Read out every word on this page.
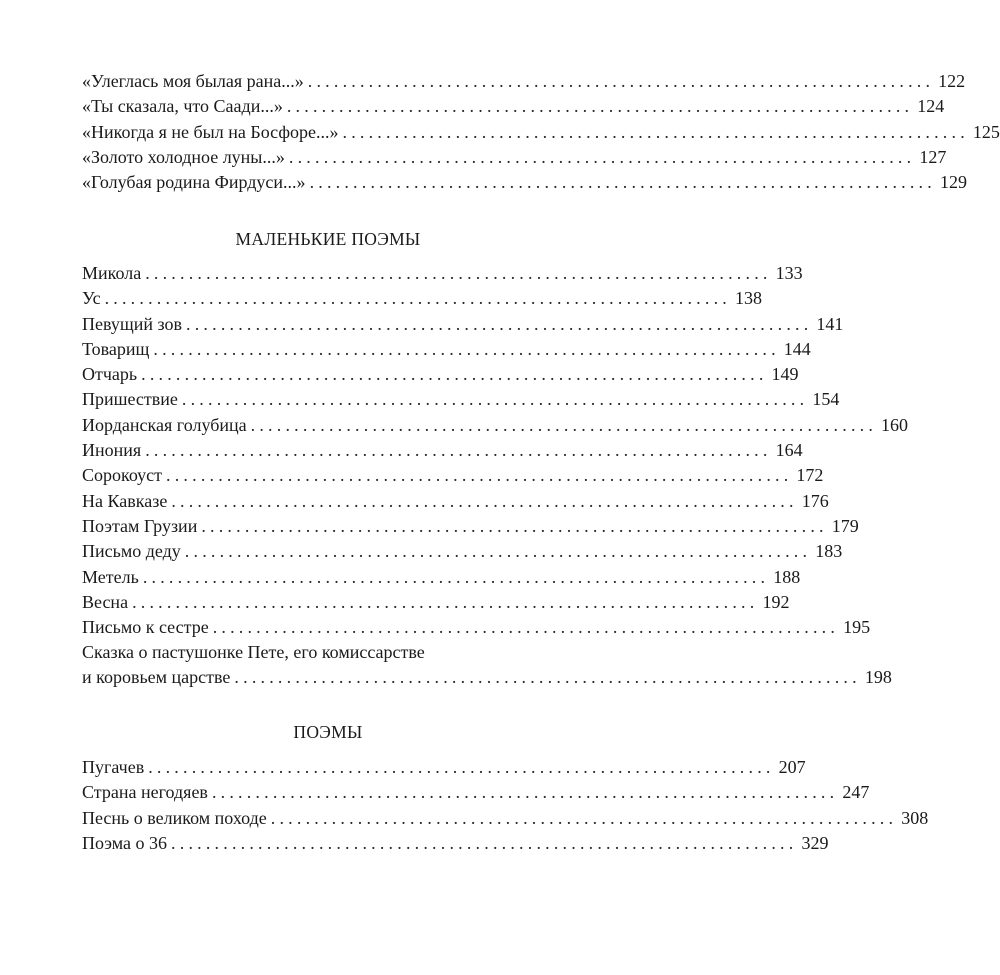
«Улеглась моя былая рана...» ........................................................................ 122
«Ты сказала, что Саади...» ........................................................................ 124
«Никогда я не был на Босфоре...» ........................................................................ 125
«Золото холодное луны...» ........................................................................ 127
«Голубая родина Фирдуси...» ........................................................................ 129
МАЛЕНЬКИЕ ПОЭМЫ
Микола ........................................................................ 133
Ус ........................................................................ 138
Певущий зов ........................................................................ 141
Товарищ ........................................................................ 144
Отчарь ........................................................................ 149
Пришествие ........................................................................ 154
Иорданская голубица ........................................................................ 160
Инония ........................................................................ 164
Сорокоуст ........................................................................ 172
На Кавказе ........................................................................ 176
Поэтам Грузии ........................................................................ 179
Письмо деду ........................................................................ 183
Метель ........................................................................ 188
Весна ........................................................................ 192
Письмо к сестре ........................................................................ 195
Сказка о пастушонке Пете, его комиссарстве
и коровьем царстве ........................................................................ 198
ПОЭМЫ
Пугачев ........................................................................ 207
Страна негодяев ........................................................................ 247
Песнь о великом походе ........................................................................ 308
Поэма о 36 ........................................................................ 329
